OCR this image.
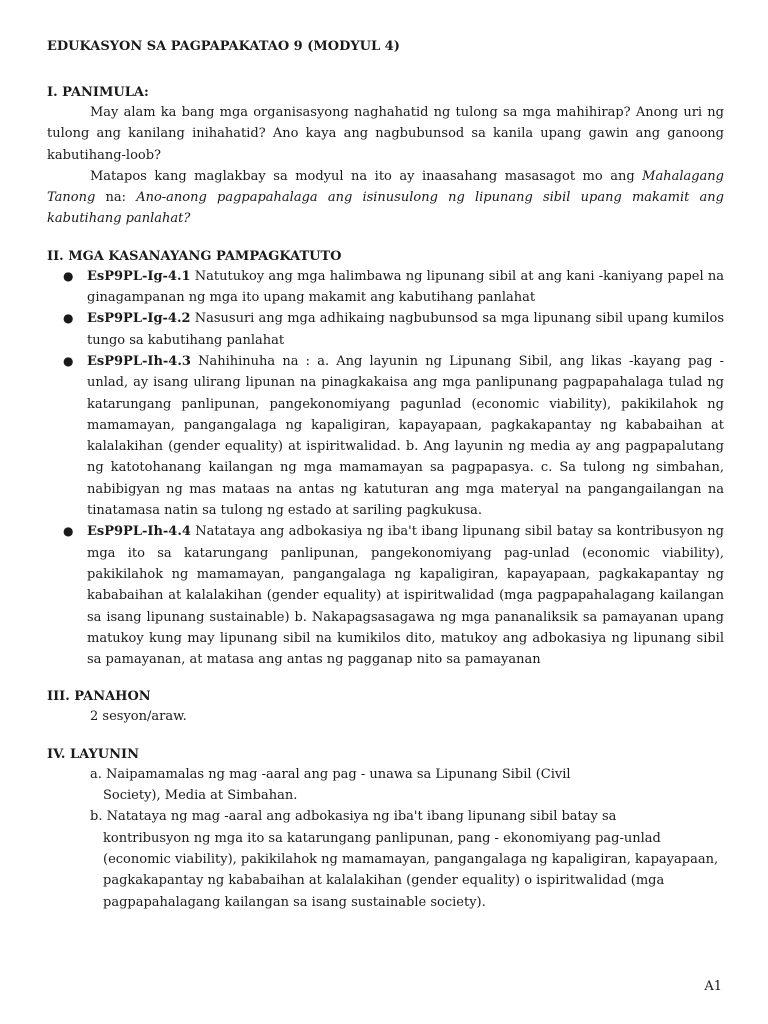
EDUKASYON SA PAGPAPAKATAO 9 (MODYUL 4)
I. PANIMULA:

May alam ka bang mga organisasyong naghahatid ng tulong sa mga mahihirap? Anong uri ng tulong ang kanilang inihahatid? Ano kaya ang nagbubunsod sa kanila upang gawin ang ganoong kabutihang-loob?

Matapos kang maglakbay sa modyul na ito ay inaasahang masasagot mo ang Mahalagang Tanong na: Ano-anong pagpapahalaga ang isinusulong ng lipunang sibil upang makamit ang kabutihang panlahat?

II. MGA KASANAYANG PAMPAGKATUTO
● EsP9PL-Ig-4.1 Natutukoy ang mga halimbawa ng lipunang sibil at ang kani -kaniyang papel na ginagampanan ng mga ito upang makamit ang kabutihang panlahat
● EsP9PL-Ig-4.2 Nasusuri ang mga adhikaing nagbubunsod sa mga lipunang sibil upang kumilos tungo sa kabutihang panlahat
● EsP9PL-Ih-4.3 Nahihinuha na : a. Ang layunin ng Lipunang Sibil, ang likas -kayang pag - unlad, ay isang ulirang lipunan na pinagkakaisa ang mga panlipunang pagpapahalaga tulad ng katarungang panlipunan, pangekonomiyang pagunlad (economic viability), pakikilahok ng mamamayan, pangangalaga ng kapaligiran, kapayapaan, pagkakapantay ng kababaihan at kalalakihan (gender equality) at ispiritwalidad. b. Ang layunin ng media ay ang pagpapalutang ng katotohanang kailangan ng mga mamamayan sa pagpapasya. c. Sa tulong ng simbahan, nabibigyan ng mas mataas na antas ng katuturan ang mga materyal na pangangailangan na tinatamasa natin sa tulong ng estado at sariling pagkukusa.
● EsP9PL-Ih-4.4 Natataya ang adbokasiya ng iba't ibang lipunang sibil batay sa kontribusyon ng mga ito sa katarungang panlipunan, pangekonomiyang pag-unlad (economic viability), pakikilahok ng mamamayan, pangangalaga ng kapaligiran, kapayapaan, pagkakapantay ng kababaihan at kalalakihan (gender equality) at ispiritwalidad (mga pagpapahalagang kailangan sa isang lipunang sustainable) b. Nakapagsasagawa ng mga pananaliksik sa pamayanan upang matukoy kung may lipunang sibil na kumikilos dito, matukoy ang adbokasiya ng lipunang sibil sa pamayanan, at matasa ang antas ng pagganap nito sa pamayanan
III. PANAHON
2 sesyon/araw.
IV. LAYUNIN
a. Naipamamalas ng mag -aaral ang pag - unawa sa Lipunang Sibil (Civil
Society), Media at Simbahan.
b. Natataya ng mag -aaral ang adbokasiya ng iba't ibang lipunang sibil batay sa
kontribusyon ng mga ito sa katarungang panlipunan, pang - ekonomiyang pag-unlad (economic viability), pakikilahok ng mamamayan, pangangalaga ng kapaligiran, kapayapaan, pagkakapantay ng kababaihan at kalalakihan (gender equality) o ispiritwalidad (mga pagpapahalagang kailangan sa isang sustainable society).
A1
